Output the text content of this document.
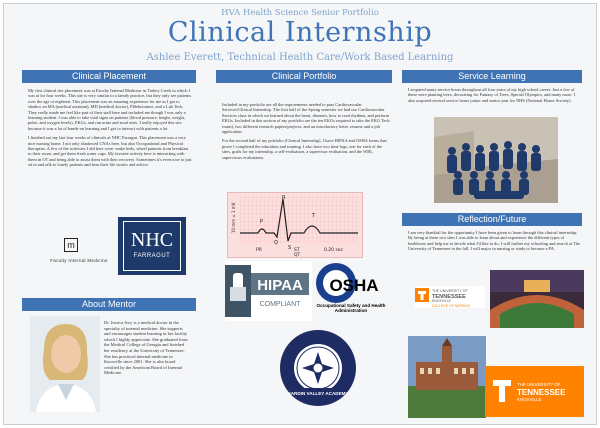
HVA Health Science Senior Portfolio
Clinical Internship
Ashlee Everett, Technical Health Care/Work Based Learning
Clinical Placement

My first clinical site placement was at Faculty Internal Medicine in Turkey Creek in which I was at for four weeks. This site is very similar to a family practice, but they only see patients over the age of eighteen. This placement was an amazing experience for me as I got to shadow an MA (medical assistant), MD (medical doctor), Phlebotomist, and a Lab Tech. They really made me feel like part of their staff here and included me though I was only a learning student. I was able to take vital signs on patients (blood pressure, height, weight, pulse, and oxygen levels), EKGs, and run urine and stool tests. I really enjoyed this site because it was a lot of hands-on learning and I got to interact with patients a lot.

I finished out my last four weeks of clinicals at NHC Farragut. This placement was a very nice nursing home. I not only shadowed CNAs here, but also Occupational and Physical therapists. A few of the activities I did here were: make beds, wheel patients from breakfast to their room, and get them fresh water cups. My favorite activity here is interacting with them in OT and being able to assist them with their recovery. Sometimes it's even nice to just sit in and talk to lonely patients and hear their life stories and advice.

m
Faculty Internal Medicine
NHC
FARRAGUT
About Mentor
Dr. Jessica Ivey is a medical doctor in the specialty of internal medicine. She supports and encourages student learning in her facility which I highly appreciate. She graduated from the Medical College of Georgia and finished her residency at the University of Tennessee. She has practiced internal medicine in Knoxville since 2001. She is also board certified by the American Board of Internal Medicine.
Clinical Portfolio

Included in my portfolio are all the requirements needed to pass Cardiovascular Services/Clinical Internship. The first half of the Spring semester we had our Cardiovascular Services class in which we learned about the heart, diseases, how to read rhythms, and perform EKGs. Included in this section of my portfolio are the ten EKGs required to take the EKG Tech exam), two different research papers/projects, and an introductory letter, resume and a job application.

For the second half of my portfolio (Clinical Internship), I have HIPAA and OSHA forms that prove I completed the education and training. I also have two time logs, one for each of the sites, goals for my internship, a self-evaluation, a supervisor evaluation, and the WBL supervisors evaluations.

R
P
Q
S
T
PR	ST
QT
0.20 sec
10 mm = 1 mV
HIPAA
COMPLIANT
OSHA
Occupational Safety and Health Administration
HARDIN VALLEY ACADEMY
Service Learning
I acquired many service hours throughout all four years of my high school career. Just a few of these were planting trees, decorating for Fantasy of Trees, Special Olympics, and many more. I also acquired several service hours junior and senior year for NHS (National Honor Society).
Reflection/Future
I am very thankful for the opportunity I have been given to learn through this clinical internship. By being at these two sites I was able to learn about and experience the different types of healthcare and help me to decide what I'd like to do. I will further my schooling and search at The University of Tennessee in the fall. I will major in nursing or study to become a PA.
THE UNIVERSITY OF
TENNESSEE
KNOXVILLE
COLLEGE OF NURSING
THE UNIVERSITY OF
TENNESSEE
KNOXVILLE
